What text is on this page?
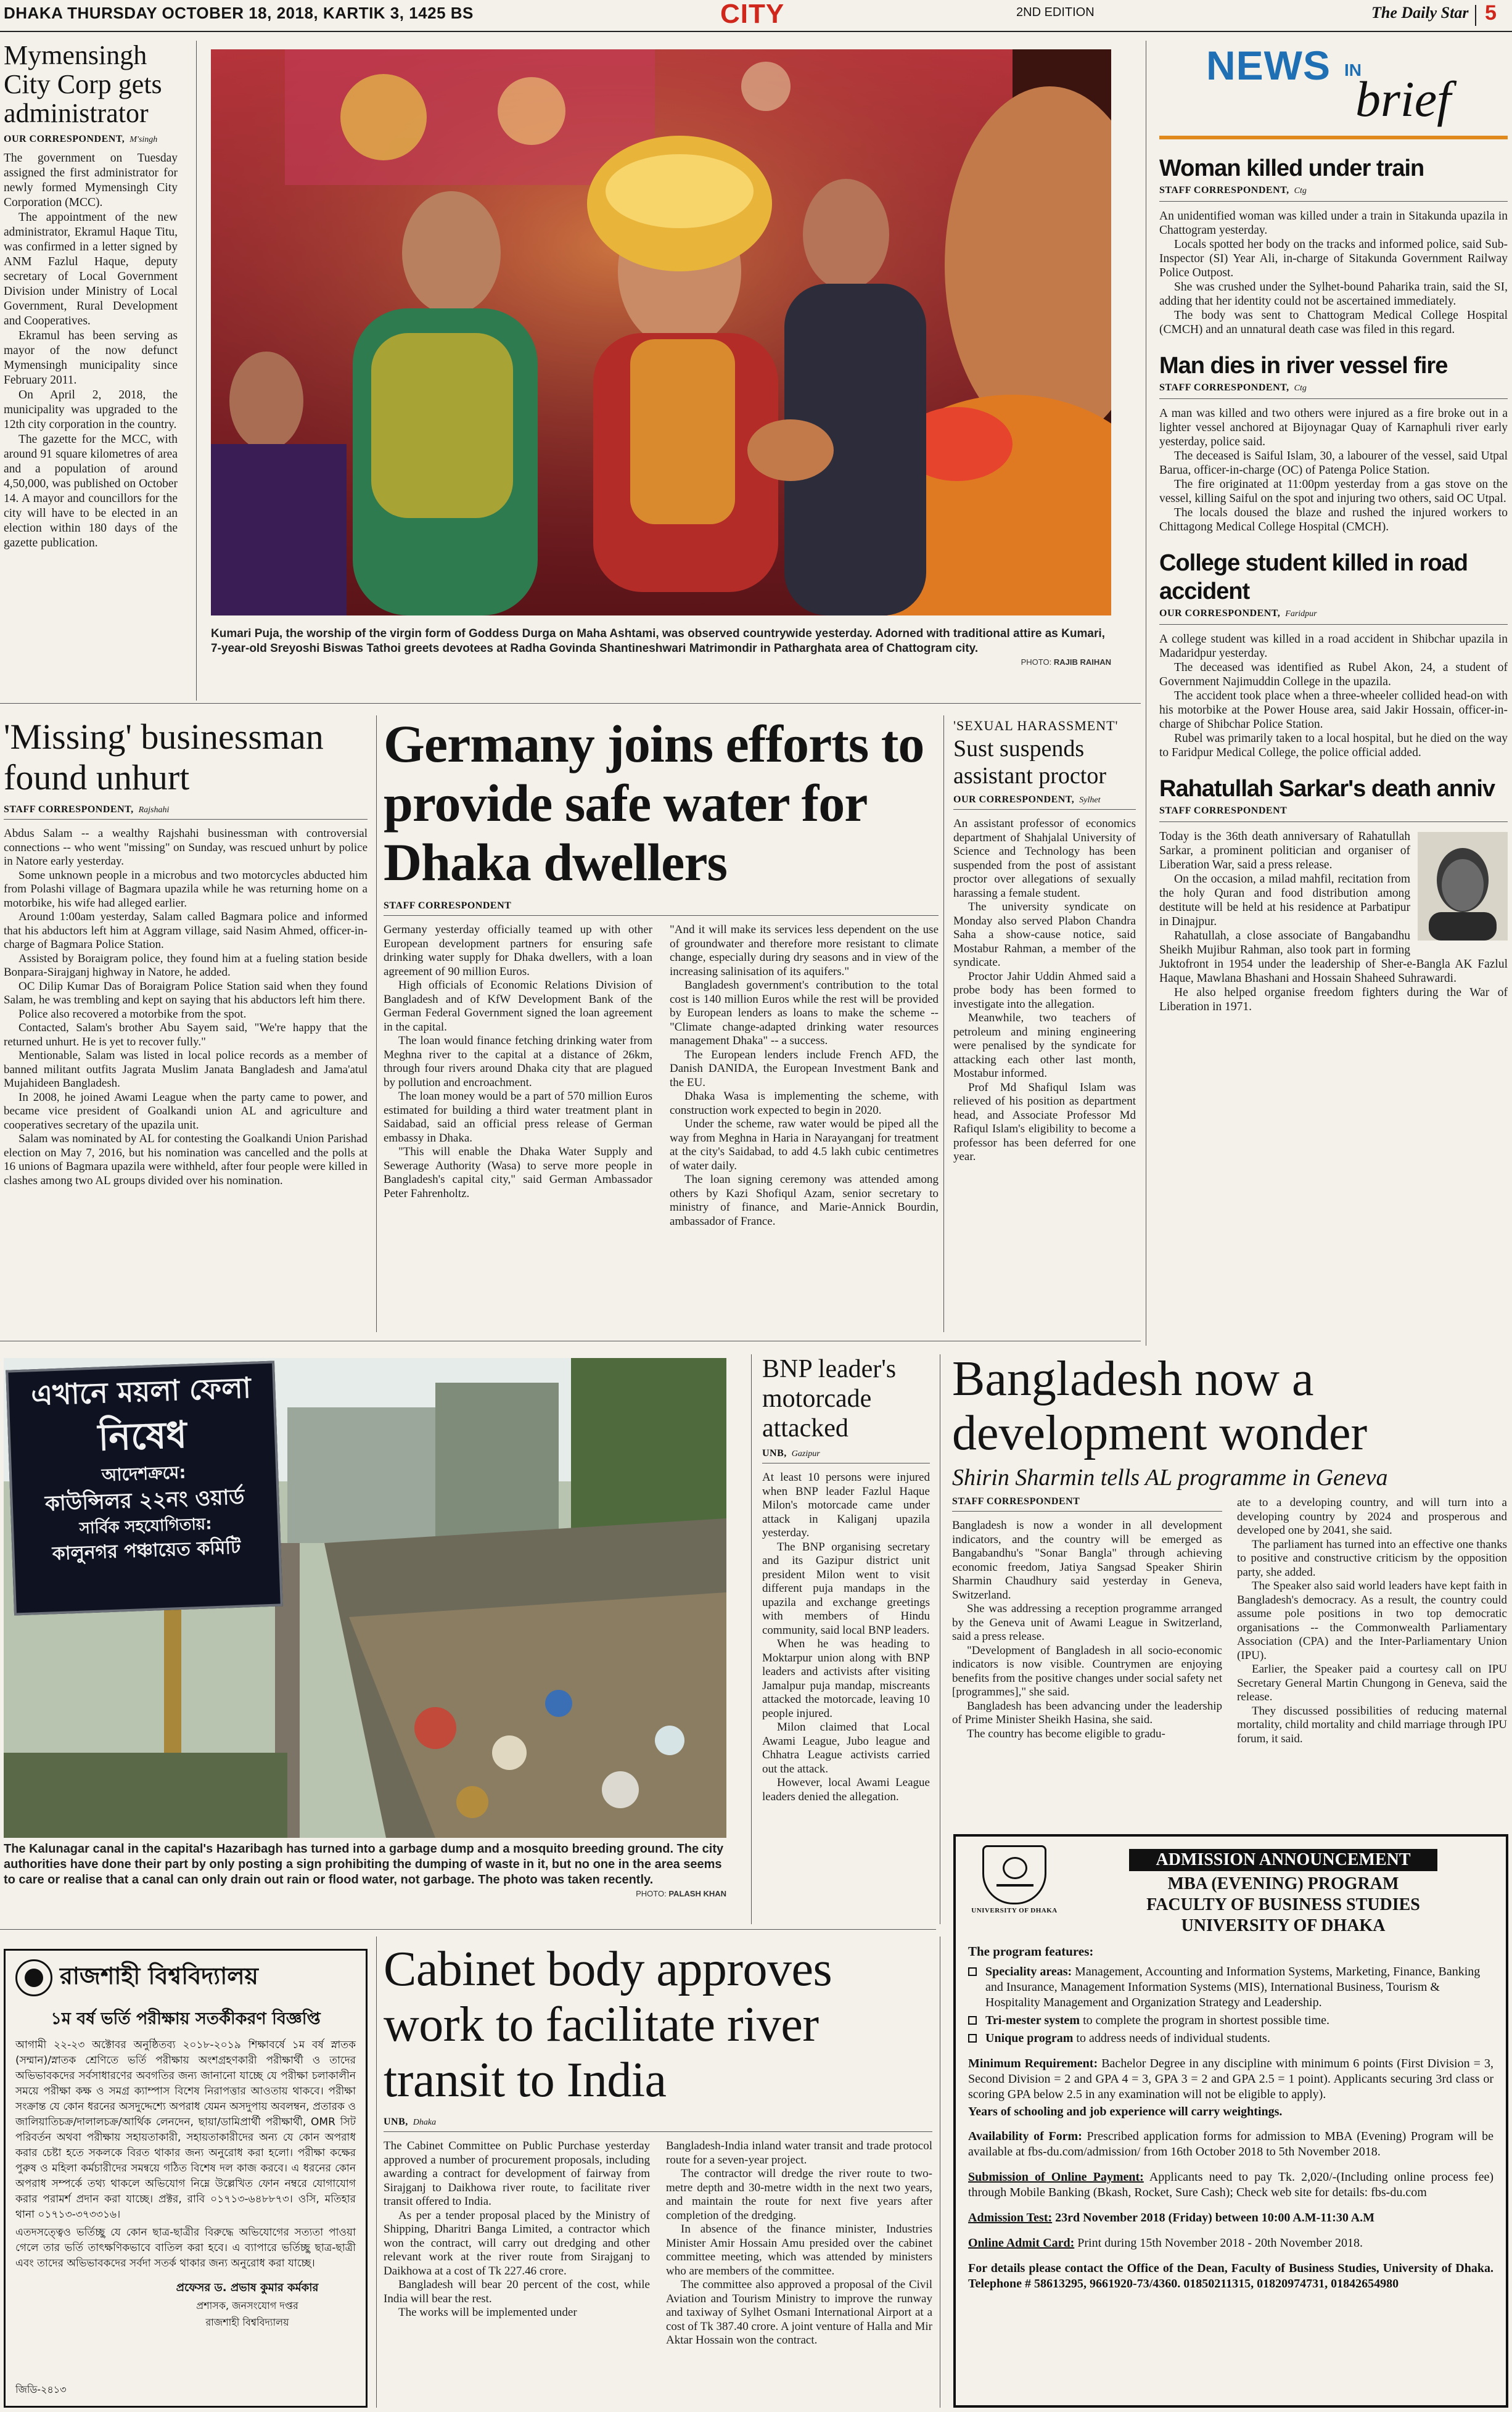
DHAKA THURSDAY OCTOBER 18, 2018, KARTIK 3, 1425 BS	CITY	2ND EDITION	The Daily Star 5
Mymensingh City Corp gets administrator
OUR CORRESPONDENT, M'singh

The government on Tuesday assigned the first administrator for newly formed Mymensingh City Corporation (MCC).

The appointment of the new administrator, Ekramul Haque Titu, was confirmed in a letter signed by ANM Fazlul Haque, deputy secretary of Local Government Division under Ministry of Local Government, Rural Development and Cooperatives.

Ekramul has been serving as mayor of the now defunct Mymensingh municipality since February 2011.

On April 2, 2018, the municipality was upgraded to the 12th city corporation in the country.

The gazette for the MCC, with around 91 square kilometres of area and a population of around 4,50,000, was published on October 14. A mayor and councillors for the city will have to be elected in an election within 180 days of the gazette publication.

Kumari Puja, the worship of the virgin form of Goddess Durga on Maha Ashtami, was observed countrywide yesterday. Adorned with traditional attire as Kumari, 7-year-old Sreyoshi Biswas Tathoi greets devotees at Radha Govinda Shantineshwari Matrimondir in Patharghata area of Chattogram city.
PHOTO: RAJIB RAIHAN
NEWS IN
brief
Woman killed under train
STAFF CORRESPONDENT, Ctg

An unidentified woman was killed under a train in Sitakunda upazila in Chattogram yesterday.

Locals spotted her body on the tracks and informed police, said Sub-Inspector (SI) Year Ali, in-charge of Sitakunda Government Railway Police Outpost.

She was crushed under the Sylhet-bound Paharika train, said the SI, adding that her identity could not be ascertained immediately.

The body was sent to Chattogram Medical College Hospital (CMCH) and an unnatural death case was filed in this regard.

Man dies in river vessel fire
STAFF CORRESPONDENT, Ctg

A man was killed and two others were injured as a fire broke out in a lighter vessel anchored at Bijoynagar Quay of Karnaphuli river early yesterday, police said.

The deceased is Saiful Islam, 30, a labourer of the vessel, said Utpal Barua, officer-in-charge (OC) of Patenga Police Station.

The fire originated at 11:00pm yesterday from a gas stove on the vessel, killing Saiful on the spot and injuring two others, said OC Utpal.

The locals doused the blaze and rushed the injured workers to Chittagong Medical College Hospital (CMCH).

College student killed in road accident
OUR CORRESPONDENT, Faridpur

A college student was killed in a road accident in Shibchar upazila in Madaridpur yesterday.

The deceased was identified as Rubel Akon, 24, a student of Government Najimuddin College in the upazila.

The accident took place when a three-wheeler collided head-on with his motorbike at the Power House area, said Jakir Hossain, officer-in-charge of Shibchar Police Station.

Rubel was primarily taken to a local hospital, but he died on the way to Faridpur Medical College, the police official added.

Rahatullah Sarkar's death anniv
STAFF CORRESPONDENT

Today is the 36th death anniversary of Rahatullah Sarkar, a prominent politician and organiser of Liberation War, said a press release.

On the occasion, a milad mahfil, recitation from the holy Quran and food distribution among destitute will be held at his residence at Parbatipur in Dinajpur.

Rahatullah, a close associate of Bangabandhu Sheikh Mujibur Rahman, also took part in forming Juktofront in 1954 under the leadership of Sher-e-Bangla AK Fazlul Haque, Mawlana Bhashani and Hossain Shaheed Suhrawardi.

He also helped organise freedom fighters during the War of Liberation in 1971.

'Missing' businessman found unhurt
STAFF CORRESPONDENT, Rajshahi

Abdus Salam -- a wealthy Rajshahi businessman with controversial connections -- who went "missing" on Sunday, was rescued unhurt by police in Natore early yesterday.

Some unknown people in a microbus and two motorcycles abducted him from Polashi village of Bagmara upazila while he was returning home on a motorbike, his wife had alleged earlier.

Around 1:00am yesterday, Salam called Bagmara police and informed that his abductors left him at Aggram village, said Nasim Ahmed, officer-in-charge of Bagmara Police Station.

Assisted by Boraigram police, they found him at a fueling station beside Bonpara-Sirajganj highway in Natore, he added.

OC Dilip Kumar Das of Boraigram Police Station said when they found Salam, he was trembling and kept on saying that his abductors left him there.

Police also recovered a motorbike from the spot.

Contacted, Salam's brother Abu Sayem said, "We're happy that the returned unhurt. He is yet to recover fully."

Mentionable, Salam was listed in local police records as a member of banned militant outfits Jagrata Muslim Janata Bangladesh and Jama'atul Mujahideen Bangladesh.

In 2008, he joined Awami League when the party came to power, and became vice president of Goalkandi union AL and agriculture and cooperatives secretary of the upazila unit.

Salam was nominated by AL for contesting the Goalkandi Union Parishad election on May 7, 2016, but his nomination was cancelled and the polls at 16 unions of Bagmara upazila were withheld, after four people were killed in clashes among two AL groups divided over his nomination.

Germany joins efforts to provide safe water for Dhaka dwellers
STAFF CORRESPONDENT

Germany yesterday officially teamed up with other European development partners for ensuring safe drinking water supply for Dhaka dwellers, with a loan agreement of 90 million Euros.

High officials of Economic Relations Division of Bangladesh and of KfW Development Bank of the German Federal Government signed the loan agreement in the capital.

The loan would finance fetching drinking water from Meghna river to the capital at a distance of 26km, through four rivers around Dhaka city that are plagued by pollution and encroachment.

The loan money would be a part of 570 million Euros estimated for building a third water treatment plant in Saidabad, said an official press release of German embassy in Dhaka.

"This will enable the Dhaka Water Supply and Sewerage Authority (Wasa) to serve more people in Bangladesh's capital city," said German Ambassador Peter Fahrenholtz.

"And it will make its services less dependent on the use of groundwater and therefore more resistant to climate change, especially during dry seasons and in view of the increasing salinisation of its aquifers."

Bangladesh government's contribution to the total cost is 140 million Euros while the rest will be provided by European lenders as loans to make the scheme -- "Climate change-adapted drinking water resources management Dhaka" -- a success.

The European lenders include French AFD, the Danish DANIDA, the European Investment Bank and the EU.

Dhaka Wasa is implementing the scheme, with construction work expected to begin in 2020.

Under the scheme, raw water would be piped all the way from Meghna in Haria in Narayanganj for treatment at the city's Saidabad, to add 4.5 lakh cubic centimetres of water daily.

The loan signing ceremony was attended among others by Kazi Shofiqul Azam, senior secretary to ministry of finance, and Marie-Annick Bourdin, ambassador of France.

'SEXUAL HARASSMENT'
Sust suspends assistant proctor
OUR CORRESPONDENT, Sylhet

An assistant professor of economics department of Shahjalal University of Science and Technology has been suspended from the post of assistant proctor over allegations of sexually harassing a female student.

The university syndicate on Monday also served Plabon Chandra Saha a show-cause notice, said Mostabur Rahman, a member of the syndicate.

Proctor Jahir Uddin Ahmed said a probe body has been formed to investigate into the allegation.

Meanwhile, two teachers of petroleum and mining engineering were penalised by the syndicate for attacking each other last month, Mostabur informed.

Prof Md Shafiqul Islam was relieved of his position as department head, and Associate Professor Md Rafiqul Islam's eligibility to become a professor has been deferred for one year.

এখানে ময়লা ফেলা
নিষেধ
আদেশক্রমে:
কাউন্সিলর ২২নং ওয়ার্ড
সার্বিক সহযোগিতায়:
কালুনগর পঞ্চায়েত কমিটি
The Kalunagar canal in the capital's Hazaribagh has turned into a garbage dump and a mosquito breeding ground. The city authorities have done their part by only posting a sign prohibiting the dumping of waste in it, but no one in the area seems to care or realise that a canal can only drain out rain or flood water, not garbage. The photo was taken recently.
PHOTO: PALASH KHAN
BNP leader's motorcade attacked
UNB, Gazipur

At least 10 persons were injured when BNP leader Fazlul Haque Milon's motorcade came under attack in Kaliganj upazila yesterday.

The BNP organising secretary and its Gazipur district unit president Milon went to visit different puja mandaps in the upazila and exchange greetings with members of Hindu community, said local BNP leaders.

When he was heading to Moktarpur union along with BNP leaders and activists after visiting Jamalpur puja mandap, miscreants attacked the motorcade, leaving 10 people injured.

Milon claimed that Local Awami League, Jubo league and Chhatra League activists carried out the attack.

However, local Awami League leaders denied the allegation.

Bangladesh now a development wonder
Shirin Sharmin tells AL programme in Geneva
STAFF CORRESPONDENT

Bangladesh is now a wonder in all development indicators, and the country will be emerged as Bangabandhu's "Sonar Bangla" through achieving economic freedom, Jatiya Sangsad Speaker Shirin Sharmin Chaudhury said yesterday in Geneva, Switzerland.

She was addressing a reception programme arranged by the Geneva unit of Awami League in Switzerland, said a press release.

"Development of Bangladesh in all socio-economic indicators is now visible. Countrymen are enjoying benefits from the positive changes under social safety net [programmes]," she said.

Bangladesh has been advancing under the leadership of Prime Minister Sheikh Hasina, she said.

The country has become eligible to gradu-

ate to a developing country, and will turn into a developing country by 2024 and prosperous and developed one by 2041, she said.

The parliament has turned into an effective one thanks to positive and constructive criticism by the opposition party, she added.

The Speaker also said world leaders have kept faith in Bangladesh's democracy. As a result, the country could assume pole positions in two top democratic organisations -- the Commonwealth Parliamentary Association (CPA) and the Inter-Parliamentary Union (IPU).

Earlier, the Speaker paid a courtesy call on IPU Secretary General Martin Chungong in Geneva, said the release.

They discussed possibilities of reducing maternal mortality, child mortality and child marriage through IPU forum, it said.

রাজশাহী বিশ্ববিদ্যালয়
১ম বর্ষ ভর্তি পরীক্ষায় সতর্কীকরণ বিজ্ঞপ্তি
আগামী ২২-২৩ অক্টোবর অনুষ্ঠিতব্য ২০১৮-২০১৯ শিক্ষাবর্ষে ১ম বর্ষ স্নাতক (সম্মান)/স্নাতক শ্রেণিতে ভর্তি পরীক্ষায় অংশগ্রহণকারী পরীক্ষার্থী ও তাদের অভিভাবকদের সর্বসাধারণের অবগতির জন্য জানানো যাচ্ছে যে পরীক্ষা চলাকালীন সময়ে পরীক্ষা কক্ষ ও সমগ্র ক্যাম্পাস বিশেষ নিরাপত্তার আওতায় থাকবে। পরীক্ষা সংক্রান্ত যে কোন ধরনের অসদুদ্দেশ্যে অপরাধ যেমন অসদুপায় অবলম্বন, প্রতারক ও জালিয়াতিচক্র/দালালচক্র/আর্থিক লেনদেন, ছায়া/ডামিপ্রার্থী পরীক্ষার্থী, OMR সিট পরিবর্তন অথবা পরীক্ষায় সহায়তাকারী, সহায়তাকারীদের অন্য যে কোন অপরাধ করার চেষ্টা হতে সকলকে বিরত থাকার জন্য অনুরোধ করা হলো। পরীক্ষা কক্ষের পুরুষ ও মহিলা কর্মচারীদের সমন্বয়ে গঠিত বিশেষ দল কাজ করবে। এ ধরনের কোন অপরাধ সম্পর্কে তথ্য থাকলে অভিযোগ নিম্নে উল্লেখিত ফোন নম্বরে যোগাযোগ করার পরামর্শ প্রদান করা যাচ্ছে। প্রক্টর, রাবি ০১৭১৩-৬৪৮৮৭৩। ওসি, মতিহার থানা ০১৭১৩-৩৭৩৩১৬।
এতদসত্ত্বেও ভর্তিচ্ছু যে কোন ছাত্র-ছাত্রীর বিরুদ্ধে অভিযোগের সত্যতা পাওয়া গেলে তার ভর্তি তাৎক্ষণিকভাবে বাতিল করা হবে। এ ব্যাপারে ভর্তিচ্ছু ছাত্র-ছাত্রী এবং তাদের অভিভাবকদের সর্বদা সতর্ক থাকার জন্য অনুরোধ করা যাচ্ছে।
প্রফেসর ড. প্রভাষ কুমার কর্মকার
প্রশাসক, জনসংযোগ দপ্তর
রাজশাহী বিশ্ববিদ্যালয়
জিডি-২৪১৩
Cabinet body approves work to facilitate river transit to India
UNB, Dhaka

The Cabinet Committee on Public Purchase yesterday approved a number of procurement proposals, including awarding a contract for development of fairway from Sirajganj to Daikhowa river route, to facilitate river transit offered to India.

As per a tender proposal placed by the Ministry of Shipping, Dharitri Banga Limited, a contractor which won the contract, will carry out dredging and other relevant work at the river route from Sirajganj to Daikhowa at a cost of Tk 227.46 crore.

Bangladesh will bear 20 percent of the cost, while India will bear the rest.

The works will be implemented under

Bangladesh-India inland water transit and trade protocol route for a seven-year project.

The contractor will dredge the river route to two-metre depth and 30-metre width in the next two years, and maintain the route for next five years after completion of the dredging.

In absence of the finance minister, Industries Minister Amir Hossain Amu presided over the cabinet committee meeting, which was attended by ministers who are members of the committee.

The committee also approved a proposal of the Civil Aviation and Tourism Ministry to improve the runway and taxiway of Sylhet Osmani International Airport at a cost of Tk 387.40 crore. A joint venture of Halla and Mir Aktar Hossain won the contract.

UNIVERSITY OF DHAKA
ADMISSION ANNOUNCEMENT
MBA (EVENING) PROGRAM
FACULTY OF BUSINESS STUDIES
UNIVERSITY OF DHAKA
The program features:
Speciality areas: Management, Accounting and Information Systems, Marketing, Finance, Banking and Insurance, Management Information Systems (MIS), International Business, Tourism & Hospitality Management and Organization Strategy and Leadership.
Tri-mester system to complete the program in shortest possible time.
Unique program to address needs of individual students.
Minimum Requirement: Bachelor Degree in any discipline with minimum 6 points (First Division = 3, Second Division = 2 and GPA 4 = 3, GPA 3 = 2 and GPA 2.5 = 1 point). Applicants securing 3rd class or scoring GPA below 2.5 in any examination will not be eligible to apply).
Years of schooling and job experience will carry weightings.
Availability of Form: Prescribed application forms for admission to MBA (Evening) Program will be available at fbs-du.com/admission/ from 16th October 2018 to 5th November 2018.
Submission of Online Payment: Applicants need to pay Tk. 2,020/-(Including online process fee) through Mobile Banking (Bkash, Rocket, Sure Cash); Check web site for details: fbs-du.com
Admission Test: 23rd November 2018 (Friday) between 10:00 A.M-11:30 A.M
Online Admit Card: Print during 15th November 2018 - 20th November 2018.
For details please contact the Office of the Dean, Faculty of Business Studies, University of Dhaka. Telephone # 58613295, 9661920-73/4360. 01850211315, 01820974731, 01842654980
